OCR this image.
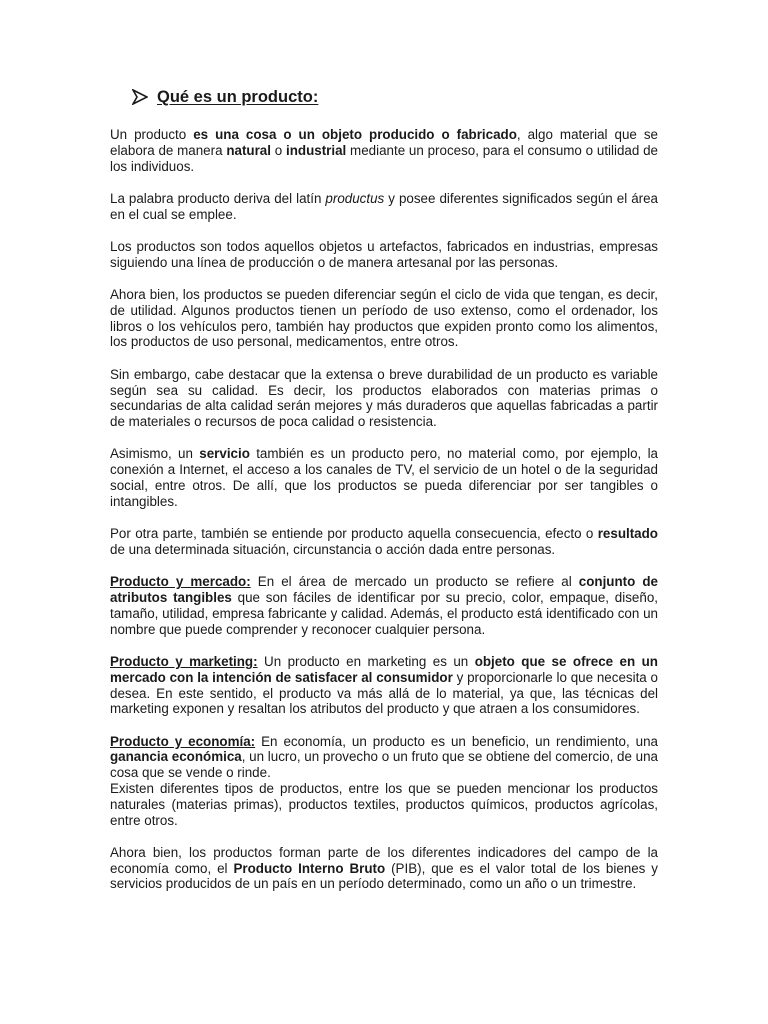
Qué es un producto:

Un producto es una cosa o un objeto producido o fabricado, algo material que se elabora de manera natural o industrial mediante un proceso, para el consumo o utilidad de los individuos.

La palabra producto deriva del latín productus y posee diferentes significados según el área en el cual se emplee.

Los productos son todos aquellos objetos u artefactos, fabricados en industrias, empresas siguiendo una línea de producción o de manera artesanal por las personas.

Ahora bien, los productos se pueden diferenciar según el ciclo de vida que tengan, es decir, de utilidad. Algunos productos tienen un período de uso extenso, como el ordenador, los libros o los vehículos pero, también hay productos que expiden pronto como los alimentos, los productos de uso personal, medicamentos, entre otros.

Sin embargo, cabe destacar que la extensa o breve durabilidad de un producto es variable según sea su calidad. Es decir, los productos elaborados con materias primas o secundarias de alta calidad serán mejores y más duraderos que aquellas fabricadas a partir de materiales o recursos de poca calidad o resistencia.

Asimismo, un servicio también es un producto pero, no material como, por ejemplo, la conexión a Internet, el acceso a los canales de TV, el servicio de un hotel o de la seguridad social, entre otros. De allí, que los productos se pueda diferenciar por ser tangibles o intangibles.

Por otra parte, también se entiende por producto aquella consecuencia, efecto o resultado de una determinada situación, circunstancia o acción dada entre personas.

Producto y mercado: En el área de mercado un producto se refiere al conjunto de atributos tangibles que son fáciles de identificar por su precio, color, empaque, diseño, tamaño, utilidad, empresa fabricante y calidad. Además, el producto está identificado con un nombre que puede comprender y reconocer cualquier persona.

Producto y marketing: Un producto en marketing es un objeto que se ofrece en un mercado con la intención de satisfacer al consumidor y proporcionarle lo que necesita o desea. En este sentido, el producto va más allá de lo material, ya que, las técnicas del marketing exponen y resaltan los atributos del producto y que atraen a los consumidores.

Producto y economía: En economía, un producto es un beneficio, un rendimiento, una ganancia económica, un lucro, un provecho o un fruto que se obtiene del comercio, de una cosa que se vende o rinde.

Existen diferentes tipos de productos, entre los que se pueden mencionar los productos naturales (materias primas), productos textiles, productos químicos, productos agrícolas, entre otros.

Ahora bien, los productos forman parte de los diferentes indicadores del campo de la economía como, el Producto Interno Bruto (PIB), que es el valor total de los bienes y servicios producidos de un país en un período determinado, como un año o un trimestre.
